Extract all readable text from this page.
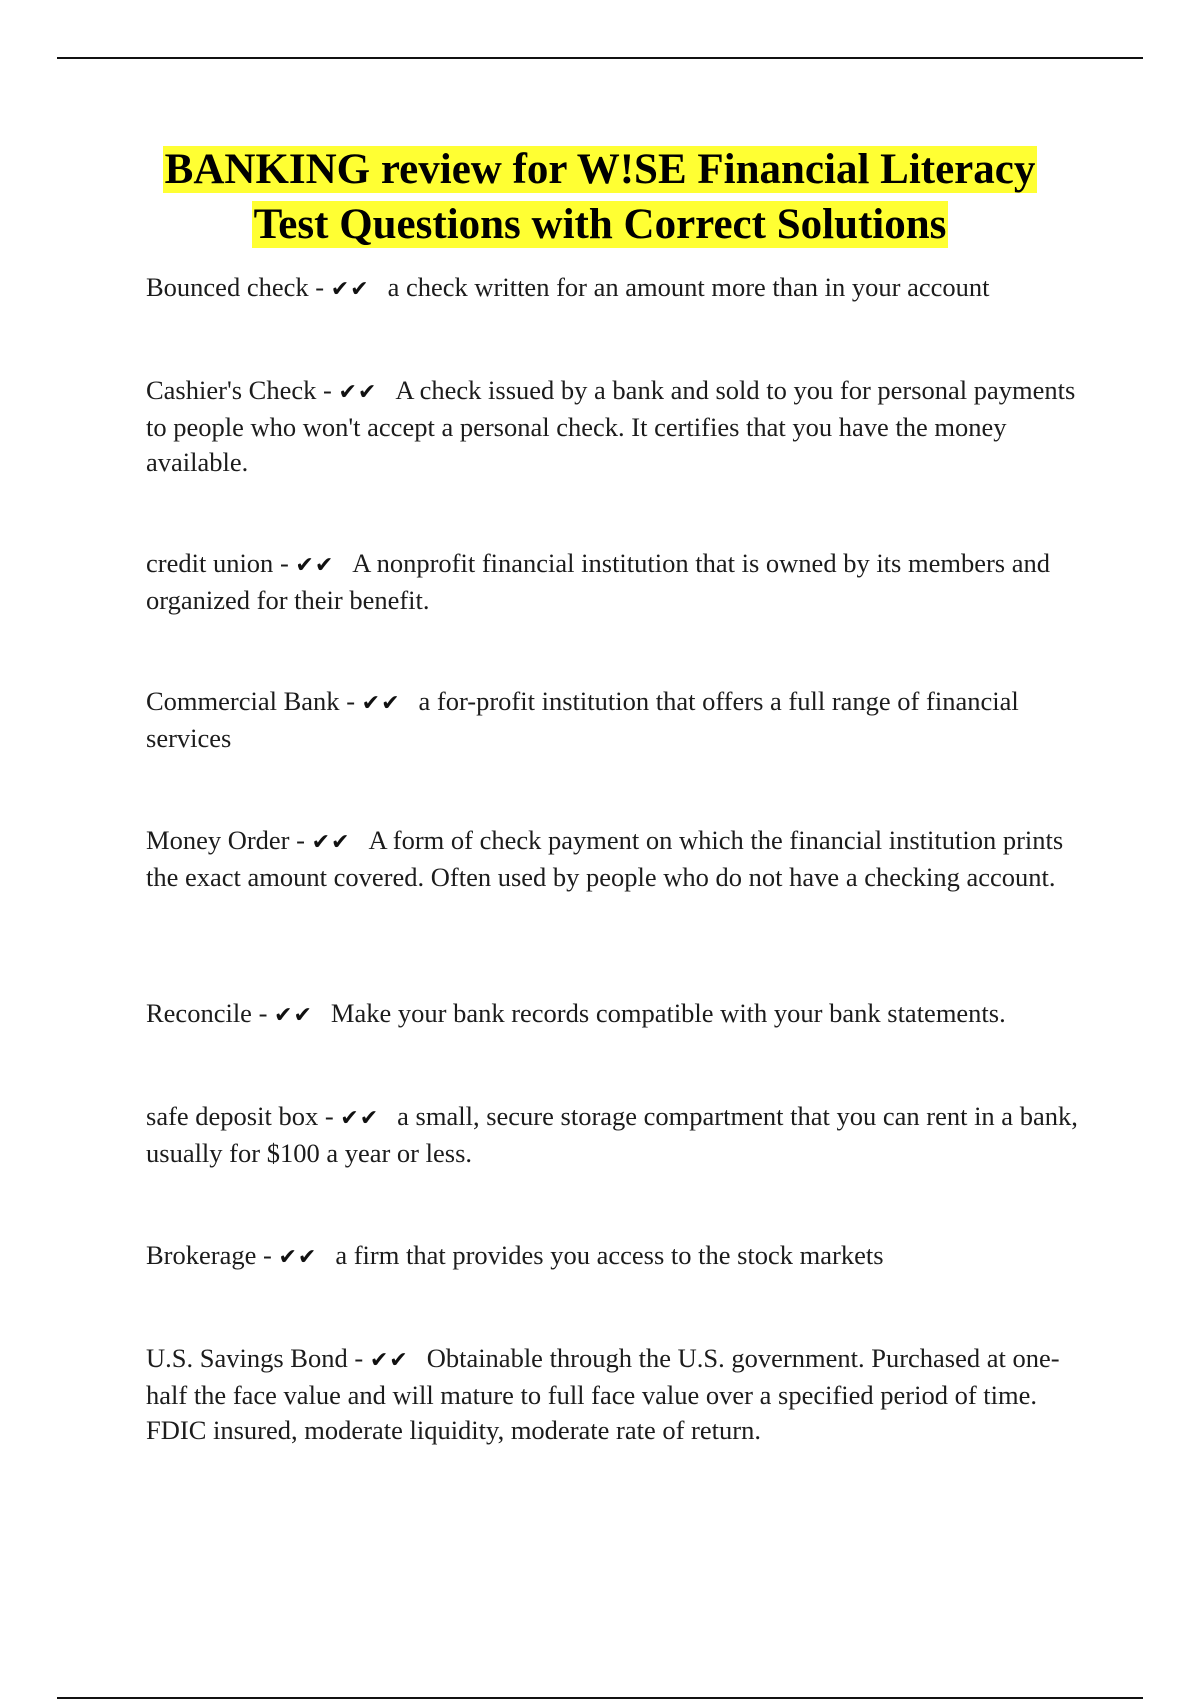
BANKING review for W!SE Financial Literacy
Test Questions with Correct Solutions

Bounced check - ✔✔ a check written for an amount more than in your account

Cashier's Check - ✔✔ A check issued by a bank and sold to you for personal payments to people who won't accept a personal check. It certifies that you have the money available.

credit union - ✔✔ A nonprofit financial institution that is owned by its members and organized for their benefit.

Commercial Bank - ✔✔ a for-profit institution that offers a full range of financial services

Money Order - ✔✔ A form of check payment on which the financial institution prints the exact amount covered. Often used by people who do not have a checking account.

Reconcile - ✔✔ Make your bank records compatible with your bank statements.

safe deposit box - ✔✔ a small, secure storage compartment that you can rent in a bank, usually for $100 a year or less.

Brokerage - ✔✔ a firm that provides you access to the stock markets

U.S. Savings Bond - ✔✔ Obtainable through the U.S. government. Purchased at one-half the face value and will mature to full face value over a specified period of time. FDIC insured, moderate liquidity, moderate rate of return.
